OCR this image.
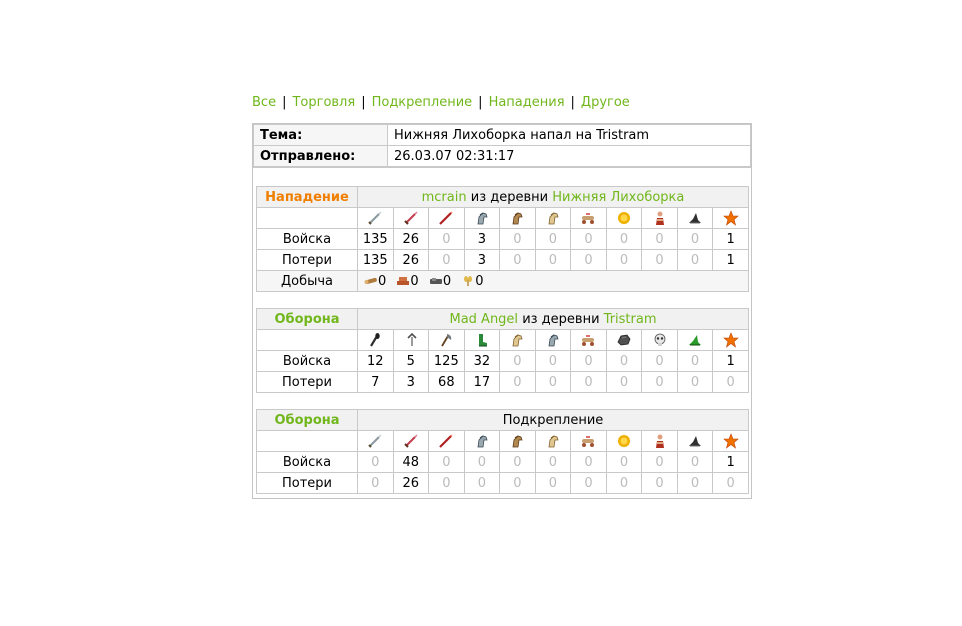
Все | Торговля | Подкрепление | Нападения | Другое
Тема:	Нижняя Лихоборка напал на Tristram
Отправлено:	26.03.07 02:31:17
Нападение	mcrain из деревни Нижняя Лихоборка										

Войска	135	26	0	3	0	0	0	0	0	0	1
Потери	135	26	0	3	0	0	0	0	0	0	1
Добыча	0 0 0 0										
Оборона	Mad Angel из деревни Tristram										

Войска	12	5	125	32	0	0	0	0	0	0	1
Потери	7	3	68	17	0	0	0	0	0	0	0
Оборона	Подкрепление										

Войска	0	48	0	0	0	0	0	0	0	0	1
Потери	0	26	0	0	0	0	0	0	0	0	0
